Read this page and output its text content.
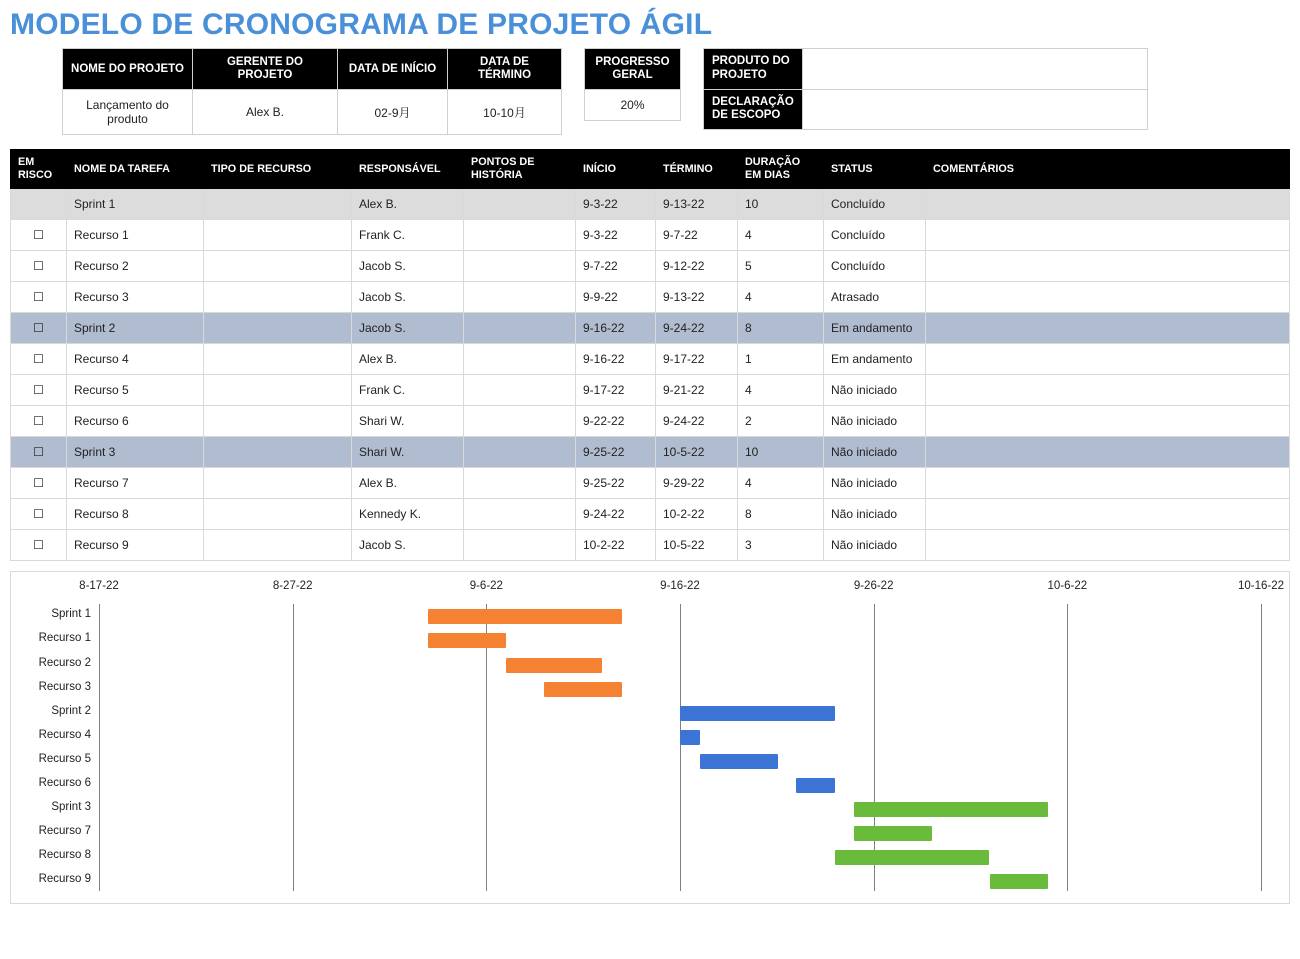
MODELO DE CRONOGRAMA DE PROJETO ÁGIL
NOME DO PROJETO	GERENTE DO PROJETO	DATA DE INÍCIO	DATA DE TÉRMINO
Lançamento do produto	Alex B.	02-9月	10-10月
PROGRESSO GERAL
20%
PRODUTO DO PROJETO	
DECLARAÇÃO DE ESCOPO	
EM RISCO	NOME DA TAREFA	TIPO DE RECURSO	RESPONSÁVEL	PONTOS DE HISTÓRIA	INÍCIO	TÉRMINO	DURAÇÃO EM DIAS	STATUS	COMENTÁRIOS
	Sprint 1		Alex B.		9-3-22	9-13-22	10	Concluído	
☐	Recurso 1		Frank C.		9-3-22	9-7-22	4	Concluído	
☐	Recurso 2		Jacob S.		9-7-22	9-12-22	5	Concluído	
☐	Recurso 3		Jacob S.		9-9-22	9-13-22	4	Atrasado	
☐	Sprint 2		Jacob S.		9-16-22	9-24-22	8	Em andamento	
☐	Recurso 4		Alex B.		9-16-22	9-17-22	1	Em andamento	
☐	Recurso 5		Frank C.		9-17-22	9-21-22	4	Não iniciado	
☐	Recurso 6		Shari W.		9-22-22	9-24-22	2	Não iniciado	
☐	Sprint 3		Shari W.		9-25-22	10-5-22	10	Não iniciado	
☐	Recurso 7		Alex B.		9-25-22	9-29-22	4	Não iniciado	
☐	Recurso 8		Kennedy K.		9-24-22	10-2-22	8	Não iniciado	
☐	Recurso 9		Jacob S.		10-2-22	10-5-22	3	Não iniciado	
8-17-22	8-27-22	9-6-22	9-16-22	9-26-22	10-6-22	10-16-22
Sprint 1
Recurso 1
Recurso 2
Recurso 3
Sprint 2
Recurso 4
Recurso 5
Recurso 6
Sprint 3
Recurso 7
Recurso 8
Recurso 9
